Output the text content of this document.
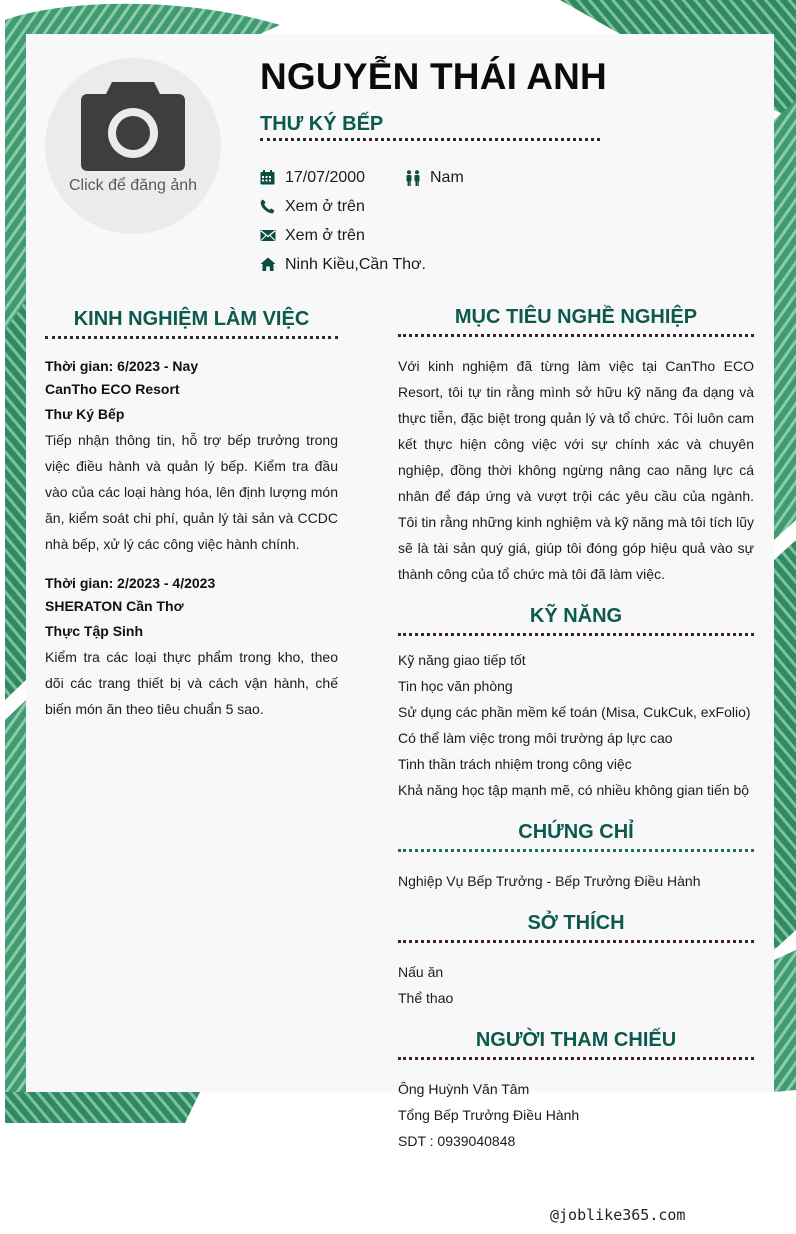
Click để đăng ảnh
NGUYỄN THÁI ANH
THƯ KÝ BẾP
17/07/2000	Nam
Xem ở trên
Xem ở trên
Ninh Kiều,Cần Thơ.
KINH NGHIỆM LÀM VIỆC
Thời gian: 6/2023 - Nay
CanTho ECO Resort
Thư Ký Bếp
Tiếp nhận thông tin, hỗ trợ bếp trưởng trong việc điều hành và quản lý bếp. Kiểm tra đầu vào của các loại hàng hóa, lên định lượng món ăn, kiểm soát chi phí, quản lý tài sản và CCDC nhà bếp, xử lý các công việc hành chính.
Thời gian: 2/2023 - 4/2023
SHERATON Cần Thơ
Thực Tập Sinh
Kiểm tra các loại thực phẩm trong kho, theo dõi các trang thiết bị và cách vận hành, chế biến món ăn theo tiêu chuẩn 5 sao.
MỤC TIÊU NGHỀ NGHIỆP
Với kinh nghiệm đã từng làm việc tại CanTho ECO Resort, tôi tự tin rằng mình sở hữu kỹ năng đa dạng và thực tiễn, đặc biệt trong quản lý và tổ chức. Tôi luôn cam kết thực hiện công việc với sự chính xác và chuyên nghiệp, đồng thời không ngừng nâng cao năng lực cá nhân để đáp ứng và vượt trội các yêu cầu của ngành. Tôi tin rằng những kinh nghiệm và kỹ năng mà tôi tích lũy sẽ là tài sản quý giá, giúp tôi đóng góp hiệu quả vào sự thành công của tổ chức mà tôi đã làm việc.
KỸ NĂNG
Kỹ năng giao tiếp tốt
Tin học văn phòng
Sử dụng các phần mềm kế toán (Misa, CukCuk, exFolio)
Có thể làm việc trong môi trường áp lực cao
Tinh thần trách nhiệm trong công việc
Khả năng học tập mạnh mẽ, có nhiều không gian tiến bộ
CHỨNG CHỈ
Nghiệp Vụ Bếp Trưởng - Bếp Trưởng Điều Hành
SỞ THÍCH
Nấu ăn
Thể thao
NGƯỜI THAM CHIẾU
Ông Huỳnh Văn Tâm
Tổng Bếp Trưởng Điều Hành
SDT : 0939040848
@joblike365.com
